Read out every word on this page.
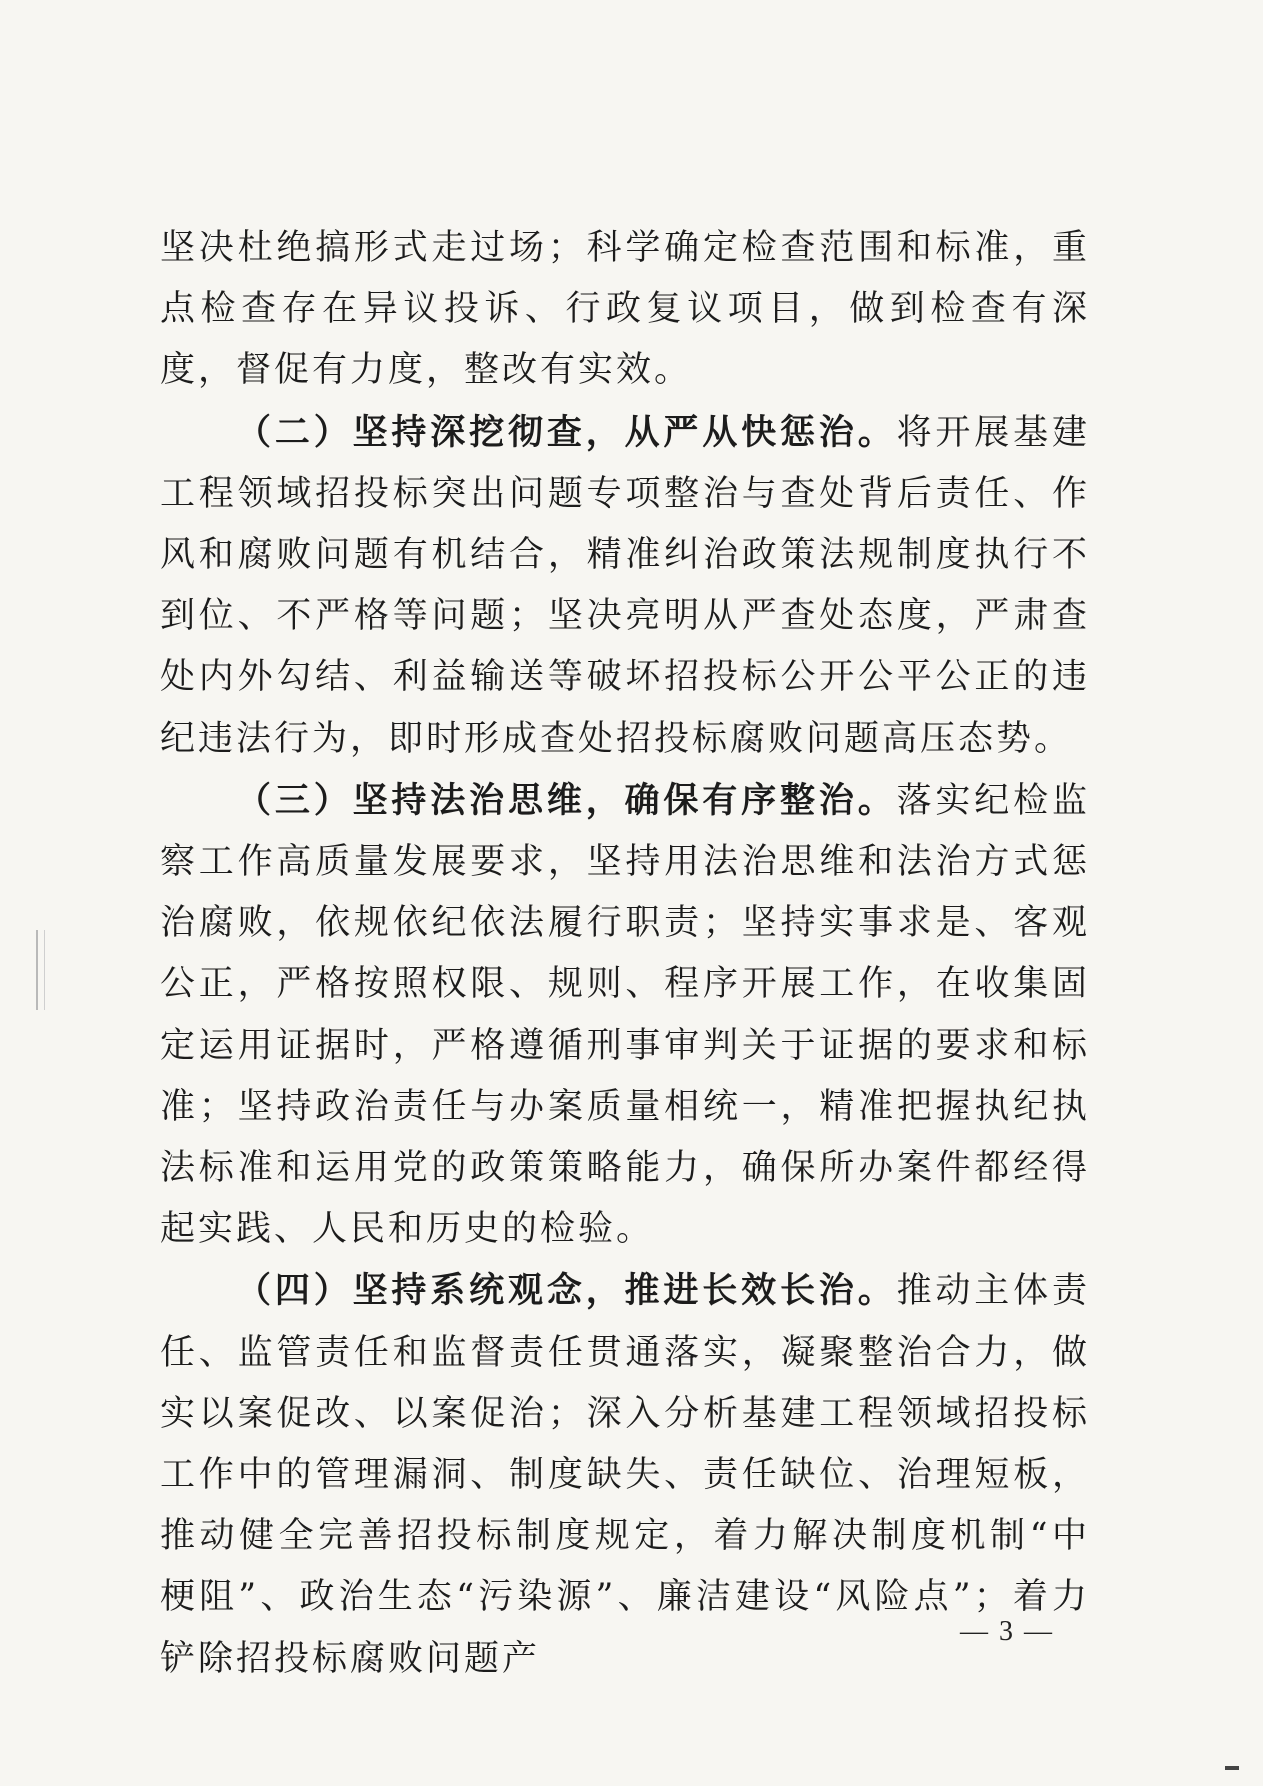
坚决杜绝搞形式走过场；科学确定检查范围和标准，重点检查存在异议投诉、行政复议项目，做到检查有深度，督促有力度，整改有实效。

（二）坚持深挖彻查，从严从快惩治。将开展基建工程领域招投标突出问题专项整治与查处背后责任、作风和腐败问题有机结合，精准纠治政策法规制度执行不到位、不严格等问题；坚决亮明从严查处态度，严肃查处内外勾结、利益输送等破坏招投标公开公平公正的违纪违法行为，即时形成查处招投标腐败问题高压态势。

（三）坚持法治思维，确保有序整治。落实纪检监察工作高质量发展要求，坚持用法治思维和法治方式惩治腐败，依规依纪依法履行职责；坚持实事求是、客观公正，严格按照权限、规则、程序开展工作，在收集固定运用证据时，严格遵循刑事审判关于证据的要求和标准；坚持政治责任与办案质量相统一，精准把握执纪执法标准和运用党的政策策略能力，确保所办案件都经得起实践、人民和历史的检验。

（四）坚持系统观念，推进长效长治。推动主体责任、监管责任和监督责任贯通落实，凝聚整治合力，做实以案促改、以案促治；深入分析基建工程领域招投标工作中的管理漏洞、制度缺失、责任缺位、治理短板，推动健全完善招投标制度规定，着力解决制度机制“中梗阻”、政治生态“污染源”、廉洁建设“风险点”；着力铲除招投标腐败问题产

— 3 —
